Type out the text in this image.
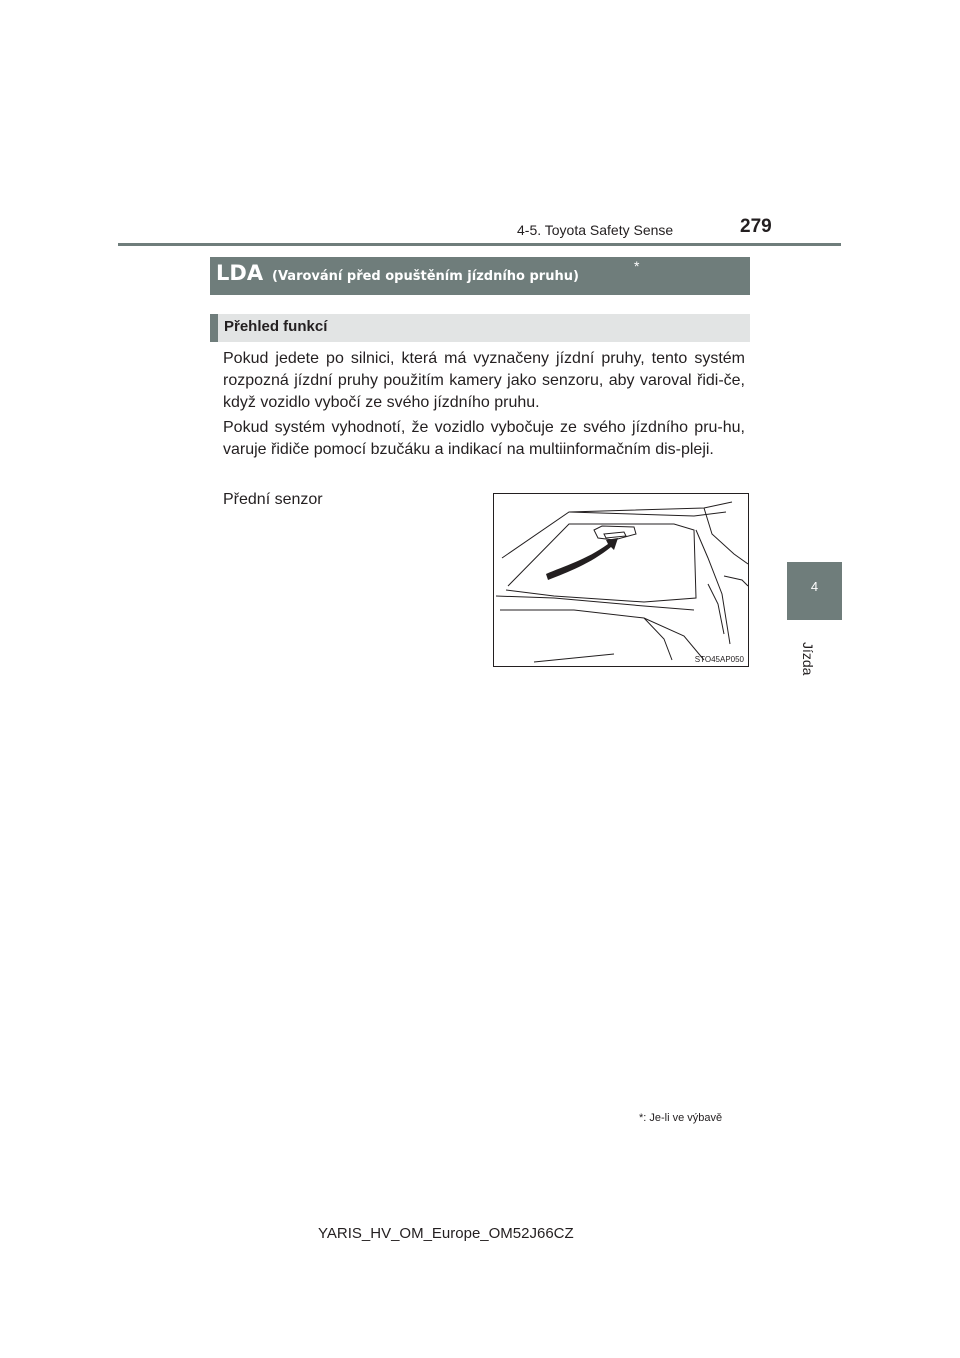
4-5. Toyota Safety Sense	279
4
Jízda
LDA (Varování před opuštěním jízdního pruhu)
*
Přehled funkcí
Pokud jedete po silnici, která má vyznačeny jízdní pruhy, tento systém rozpozná jízdní pruhy použitím kamery jako senzoru, aby varoval řidi-če, když vozidlo vybočí ze svého jízdního pruhu.
Pokud systém vyhodnotí, že vozidlo vybočuje ze svého jízdního pru-hu, varuje řidiče pomocí bzučáku a indikací na multiinformačním dis-pleji.
Přední senzor
STO45AP050
*: Je-li ve výbavě
YARIS_HV_OM_Europe_OM52J66CZ
